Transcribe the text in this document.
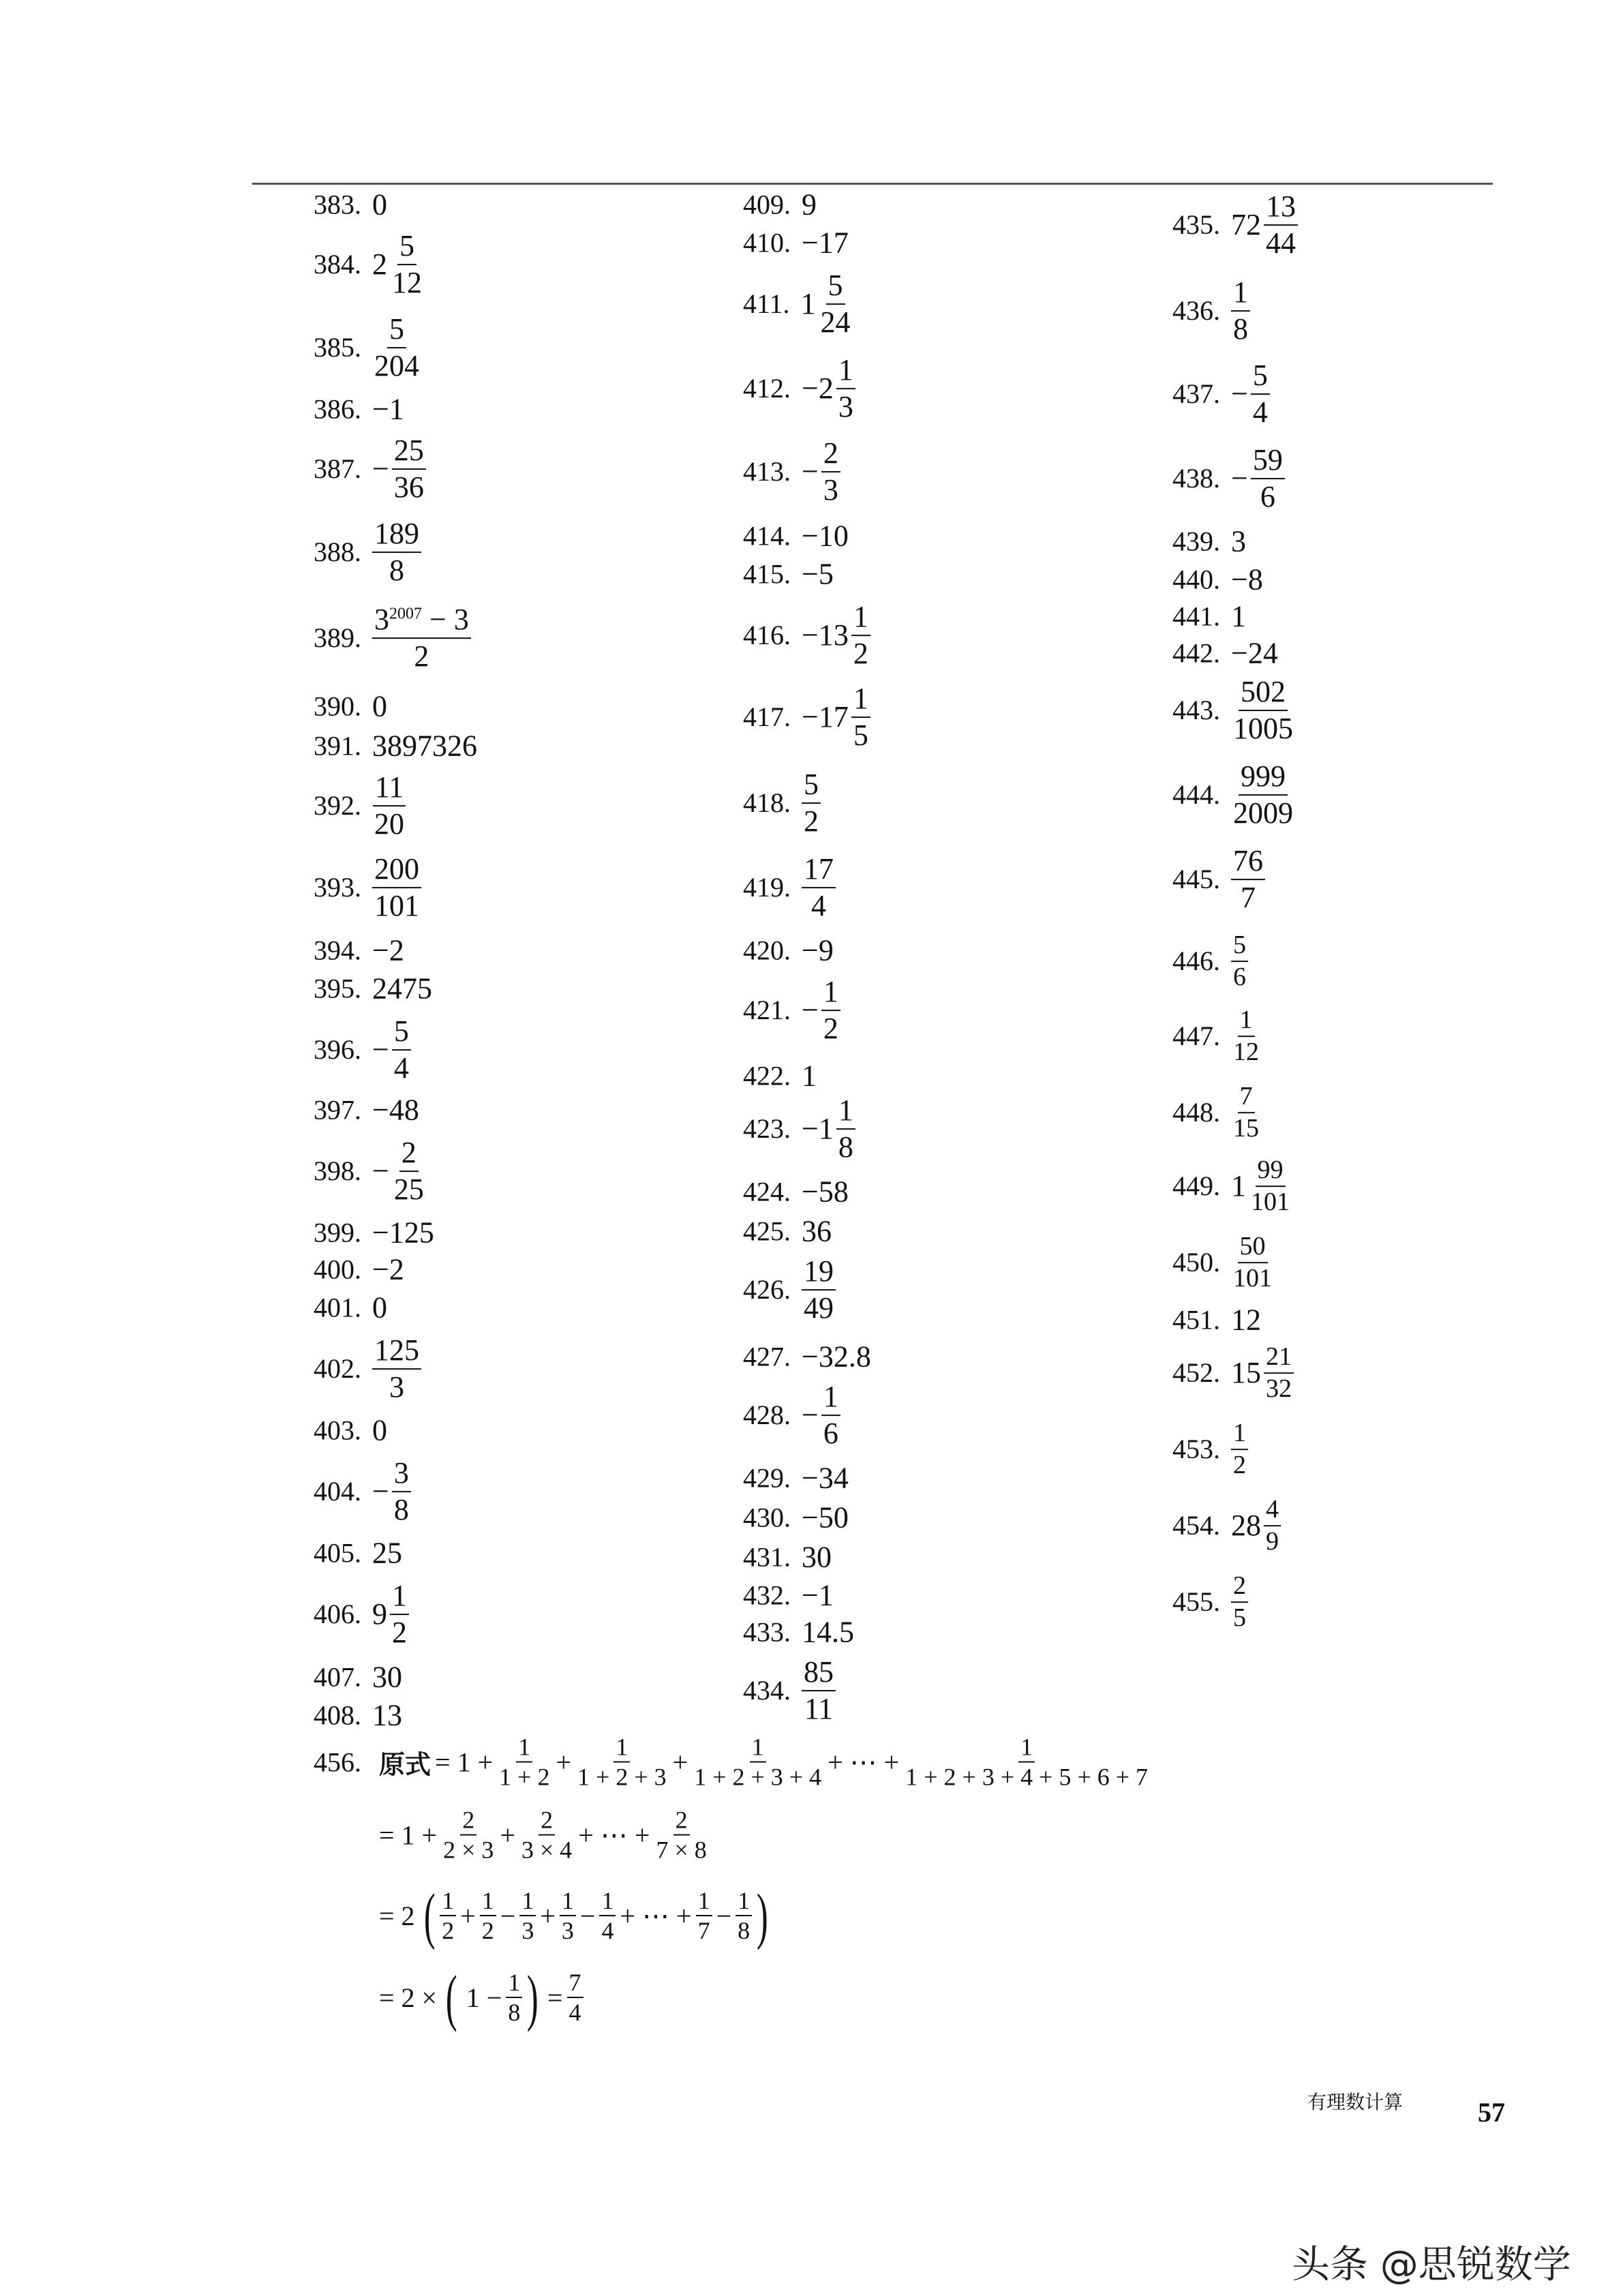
383. 0
384. $2 \frac{5}{12}$
385. $\frac{5}{204}$
386. −1
387. − $\frac{25}{36}$
388. $\frac{189}{8}$
389. $\frac{3^{2007} - 3}{2}$
390. 0
391. 3897326
392. $\frac{11}{20}$
393. $\frac{200}{101}$
394. −2
395. 2475
396. − $\frac{5}{4}$
397. −48
398. − $\frac{2}{25}$
399. −125
400. −2
401. 0
402. $\frac{125}{3}$
403. 0
404. − $\frac{3}{8}$
405. 25
406. $9 \frac{1}{2}$
407. 30
408. 13
409. 9
410. −17
411. $1 \frac{5}{24}$
412. $-2 \frac{1}{3}$
413. − $\frac{2}{3}$
414. −10
415. −5
416. $-13 \frac{1}{2}$
417. $-17 \frac{1}{5}$
418. $\frac{5}{2}$
419. $\frac{17}{4}$
420. −9
421. − $\frac{1}{2}$
422. 1
423. $-1 \frac{1}{8}$
424. −58
425. 36
426. $\frac{19}{49}$
427. −32.8
428. − $\frac{1}{6}$
429. −34
430. −50
431. 30
432. −1
433. 14.5
434. $\frac{85}{11}$
435. $72 \frac{13}{44}$
436. $\frac{1}{8}$
437. − $\frac{5}{4}$
438. − $\frac{59}{6}$
439. 3
440. −8
441. 1
442. −24
443. $\frac{502}{1005}$
444. $\frac{999}{2009}$
445. $\frac{76}{7}$
446. $\frac{5}{6}$
447. $\frac{1}{12}$
448. $\frac{7}{15}$
449. $1 \frac{99}{101}$
450. $\frac{50}{101}$
451. 12
452. $15 \frac{21}{32}$
453. $\frac{1}{2}$
454. $28 \frac{4}{9}$
455. $\frac{2}{5}$
456. 原式 = $1 + \frac{1}{1 + 2} + \frac{1}{1 + 2 + 3} + \frac{1}{1 + 2 + 3 + 4}$ + ⋯ + $\frac{1}{1 + 2 + 3 + 4 + 5 + 6 + 7}$
= $1 + \frac{2}{2 \times 3} + \frac{2}{3 \times 4}$ + ⋯ + $\frac{2}{7 \times 8}$
= 2 ( $\frac{1}{2} + \frac{1}{2} - \frac{1}{3} + \frac{1}{3} - \frac{1}{4}$ + ⋯ + $\frac{1}{7} - \frac{1}{8}$ )
= 2 × ( $1 - \frac{1}{8}$ ) = $\frac{7}{4}$
有理数计算	57
头条 @思锐数学
